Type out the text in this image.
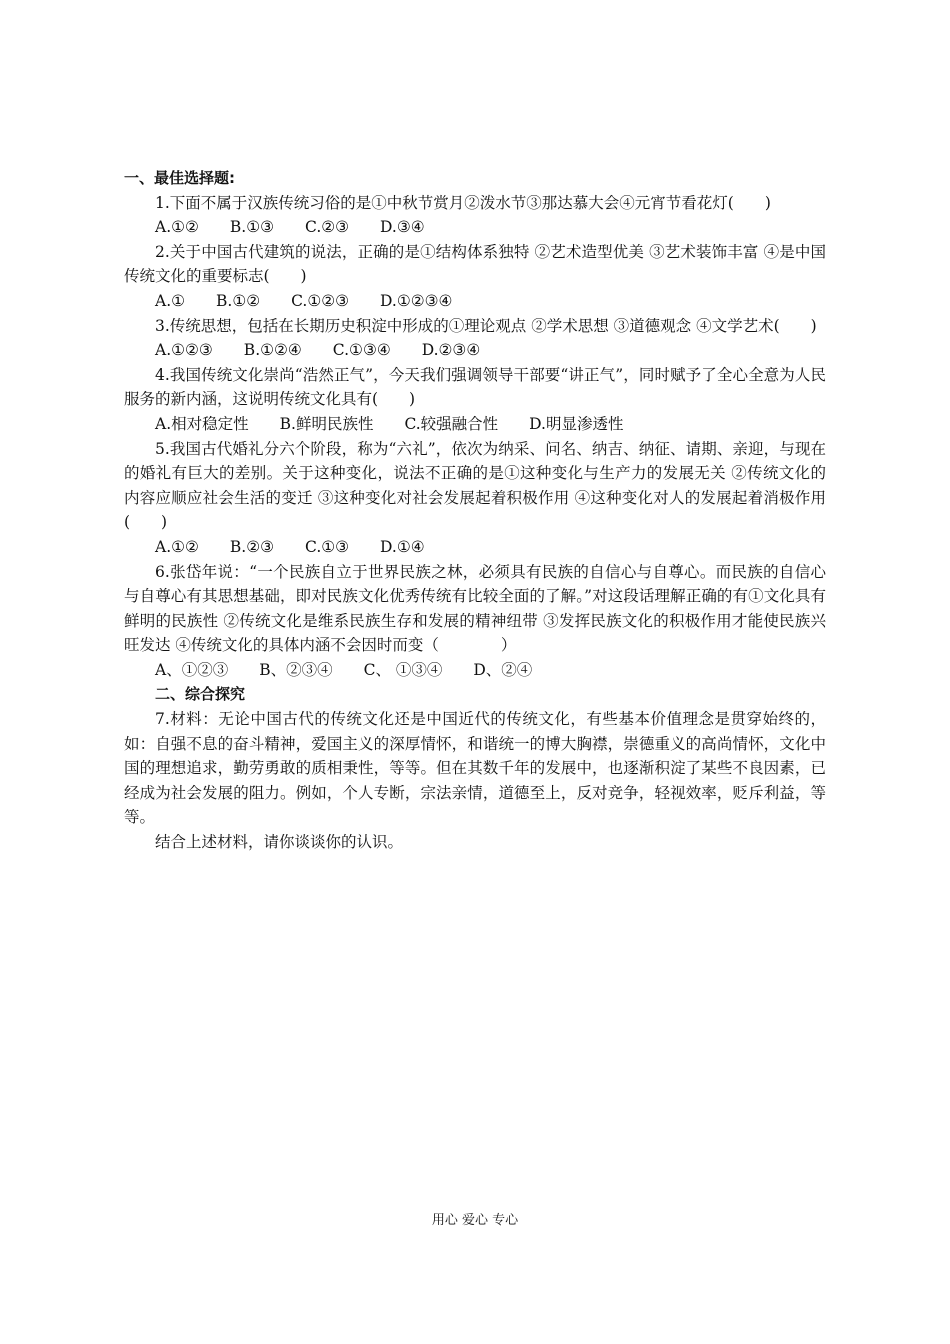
一、最佳选择题:

1.下面不属于汉族传统习俗的是①中秋节赏月②泼水节③那达慕大会④元宵节看花灯(　　)

A.①②　　B.①③　　C.②③　　D.③④

2.关于中国古代建筑的说法，正确的是①结构体系独特 ②艺术造型优美 ③艺术装饰丰富 ④是中国传统文化的重要标志(　　)

A.①　　B.①②　　C.①②③　　D.①②③④

3.传统思想，包括在长期历史积淀中形成的①理论观点 ②学术思想 ③道德观念 ④文学艺术(　　)

A.①②③　　B.①②④　　C.①③④　　D.②③④

4.我国传统文化崇尚“浩然正气”，今天我们强调领导干部要“讲正气”，同时赋予了全心全意为人民服务的新内涵，这说明传统文化具有(　　)

A.相对稳定性　　B.鲜明民族性　　C.较强融合性　　D.明显渗透性

5.我国古代婚礼分六个阶段，称为“六礼”，依次为纳采、问名、纳吉、纳征、请期、亲迎，与现在的婚礼有巨大的差别。关于这种变化，说法不正确的是①这种变化与生产力的发展无关 ②传统文化的内容应顺应社会生活的变迁 ③这种变化对社会发展起着积极作用 ④这种变化对人的发展起着消极作用(　　)

A.①②　　B.②③　　C.①③　　D.①④

6.张岱年说：“一个民族自立于世界民族之林，必须具有民族的自信心与自尊心。而民族的自信心与自尊心有其思想基础，即对民族文化优秀传统有比较全面的了解。”对这段话理解正确的有①文化具有鲜明的民族性 ②传统文化是维系民族生存和发展的精神纽带 ③发挥民族文化的积极作用才能使民族兴旺发达 ④传统文化的具体内涵不会因时而变（　　　　）

A、①②③　　B、②③④　　C、 ①③④　　D、②④

二、综合探究

7.材料：无论中国古代的传统文化还是中国近代的传统文化，有些基本价值理念是贯穿始终的，如：自强不息的奋斗精神，爱国主义的深厚情怀，和谐统一的博大胸襟，崇德重义的高尚情怀，文化中国的理想追求，勤劳勇敢的质相秉性，等等。但在其数千年的发展中，也逐渐积淀了某些不良因素，已经成为社会发展的阻力。例如，个人专断，宗法亲情，道德至上，反对竞争，轻视效率，贬斥利益，等等。

结合上述材料，请你谈谈你的认识。

用心 爱心 专心
